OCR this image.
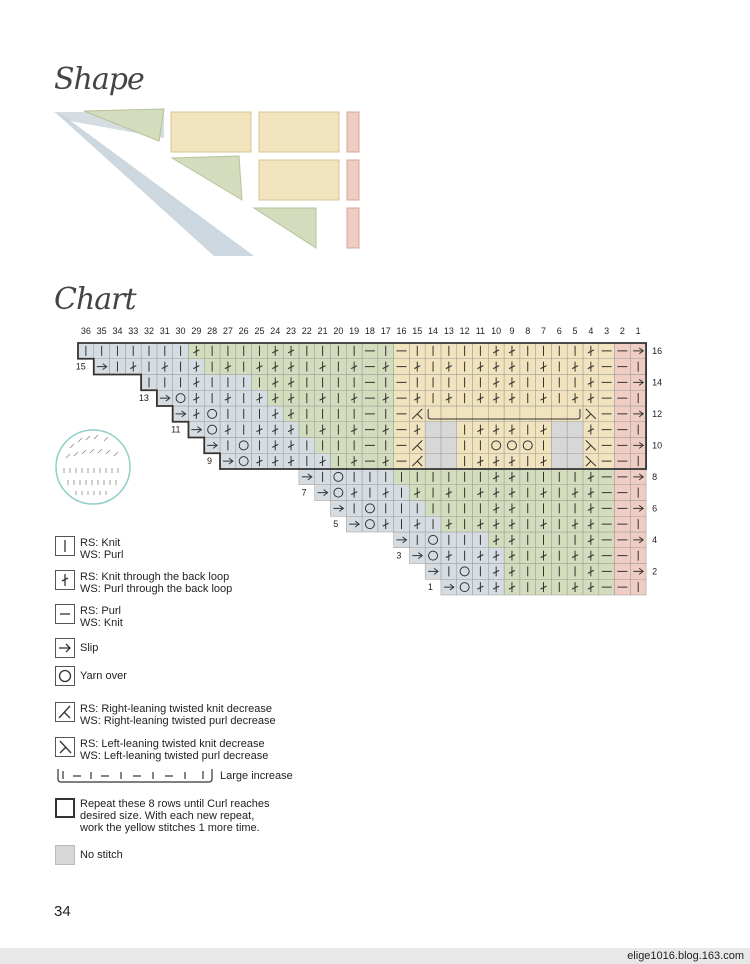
Shape
Chart
36 35 34 33 32 31 30 29 28 27 26 25 24 23 22 21 20 19 18 17 16 15 14 13 12 11 10 9 8 7 6 5 4 3 2 1
16
14
12
10
8
6
4
2
15
13
11
9
7
5
3
1
RS: Knit
WS: Purl
RS: Knit through the back loop
WS: Purl through the back loop
RS: Purl
WS: Knit
Slip
Yarn over
RS: Right-leaning twisted knit decrease
WS: Right-leaning twisted purl decrease
RS: Left-leaning twisted knit decrease
WS: Left-leaning twisted purl decrease
Large increase
Repeat these 8 rows until Curl reaches
desired size. With each new repeat,
work the yellow stitches 1 more time.
No stitch
34
elige1016.blog.163.com
